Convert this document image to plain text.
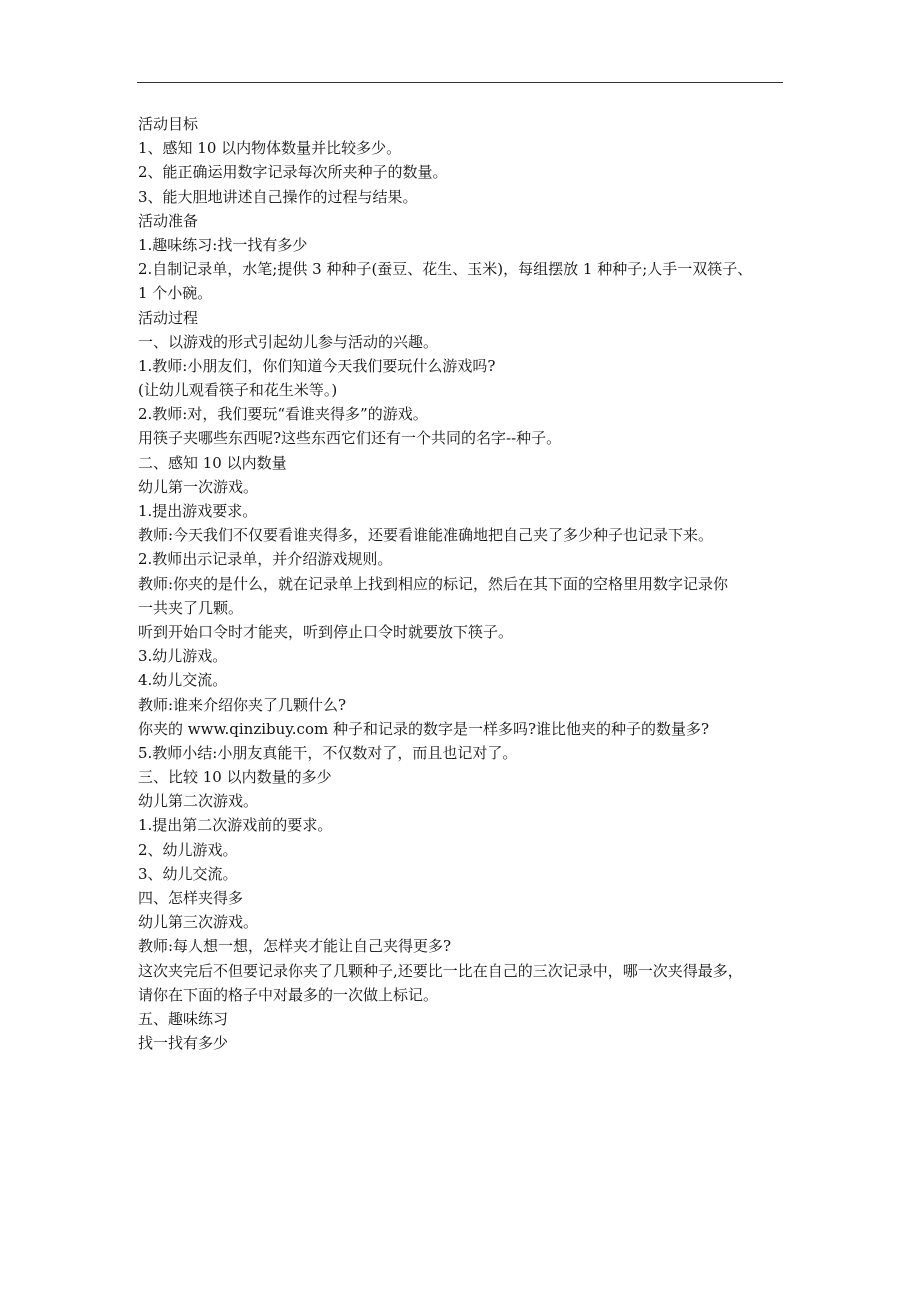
活动目标
1、感知 10 以内物体数量并比较多少。
2、能正确运用数字记录每次所夹种子的数量。
3、能大胆地讲述自己操作的过程与结果。
活动准备
1.趣味练习:找一找有多少
2.自制记录单，水笔;提供 3 种种子(蚕豆、花生、玉米)，每组摆放 1 种种子;人手一双筷子、
1 个小碗。
活动过程
一、以游戏的形式引起幼儿参与活动的兴趣。
1.教师:小朋友们，你们知道今天我们要玩什么游戏吗?
(让幼儿观看筷子和花生米等。)
2.教师:对，我们要玩“看谁夹得多”的游戏。
用筷子夹哪些东西呢?这些东西它们还有一个共同的名字--种子。
二、感知 10 以内数量
幼儿第一次游戏。
1.提出游戏要求。
教师:今天我们不仅要看谁夹得多，还要看谁能准确地把自己夹了多少种子也记录下来。
2.教师出示记录单，并介绍游戏规则。
教师:你夹的是什么，就在记录单上找到相应的标记，然后在其下面的空格里用数字记录你
一共夹了几颗。
听到开始口令时才能夹，听到停止口令时就要放下筷子。
3.幼儿游戏。
4.幼儿交流。
教师:谁来介绍你夹了几颗什么?
你夹的 www.qinzibuy.com 种子和记录的数字是一样多吗?谁比他夹的种子的数量多?
5.教师小结:小朋友真能干，不仅数对了，而且也记对了。
三、比较 10 以内数量的多少
幼儿第二次游戏。
1.提出第二次游戏前的要求。
2、幼儿游戏。
3、幼儿交流。
四、怎样夹得多
幼儿第三次游戏。
教师:每人想一想，怎样夹才能让自己夹得更多?
这次夹完后不但要记录你夹了几颗种子,还要比一比在自己的三次记录中，哪一次夹得最多，
请你在下面的格子中对最多的一次做上标记。
五、趣味练习
找一找有多少
